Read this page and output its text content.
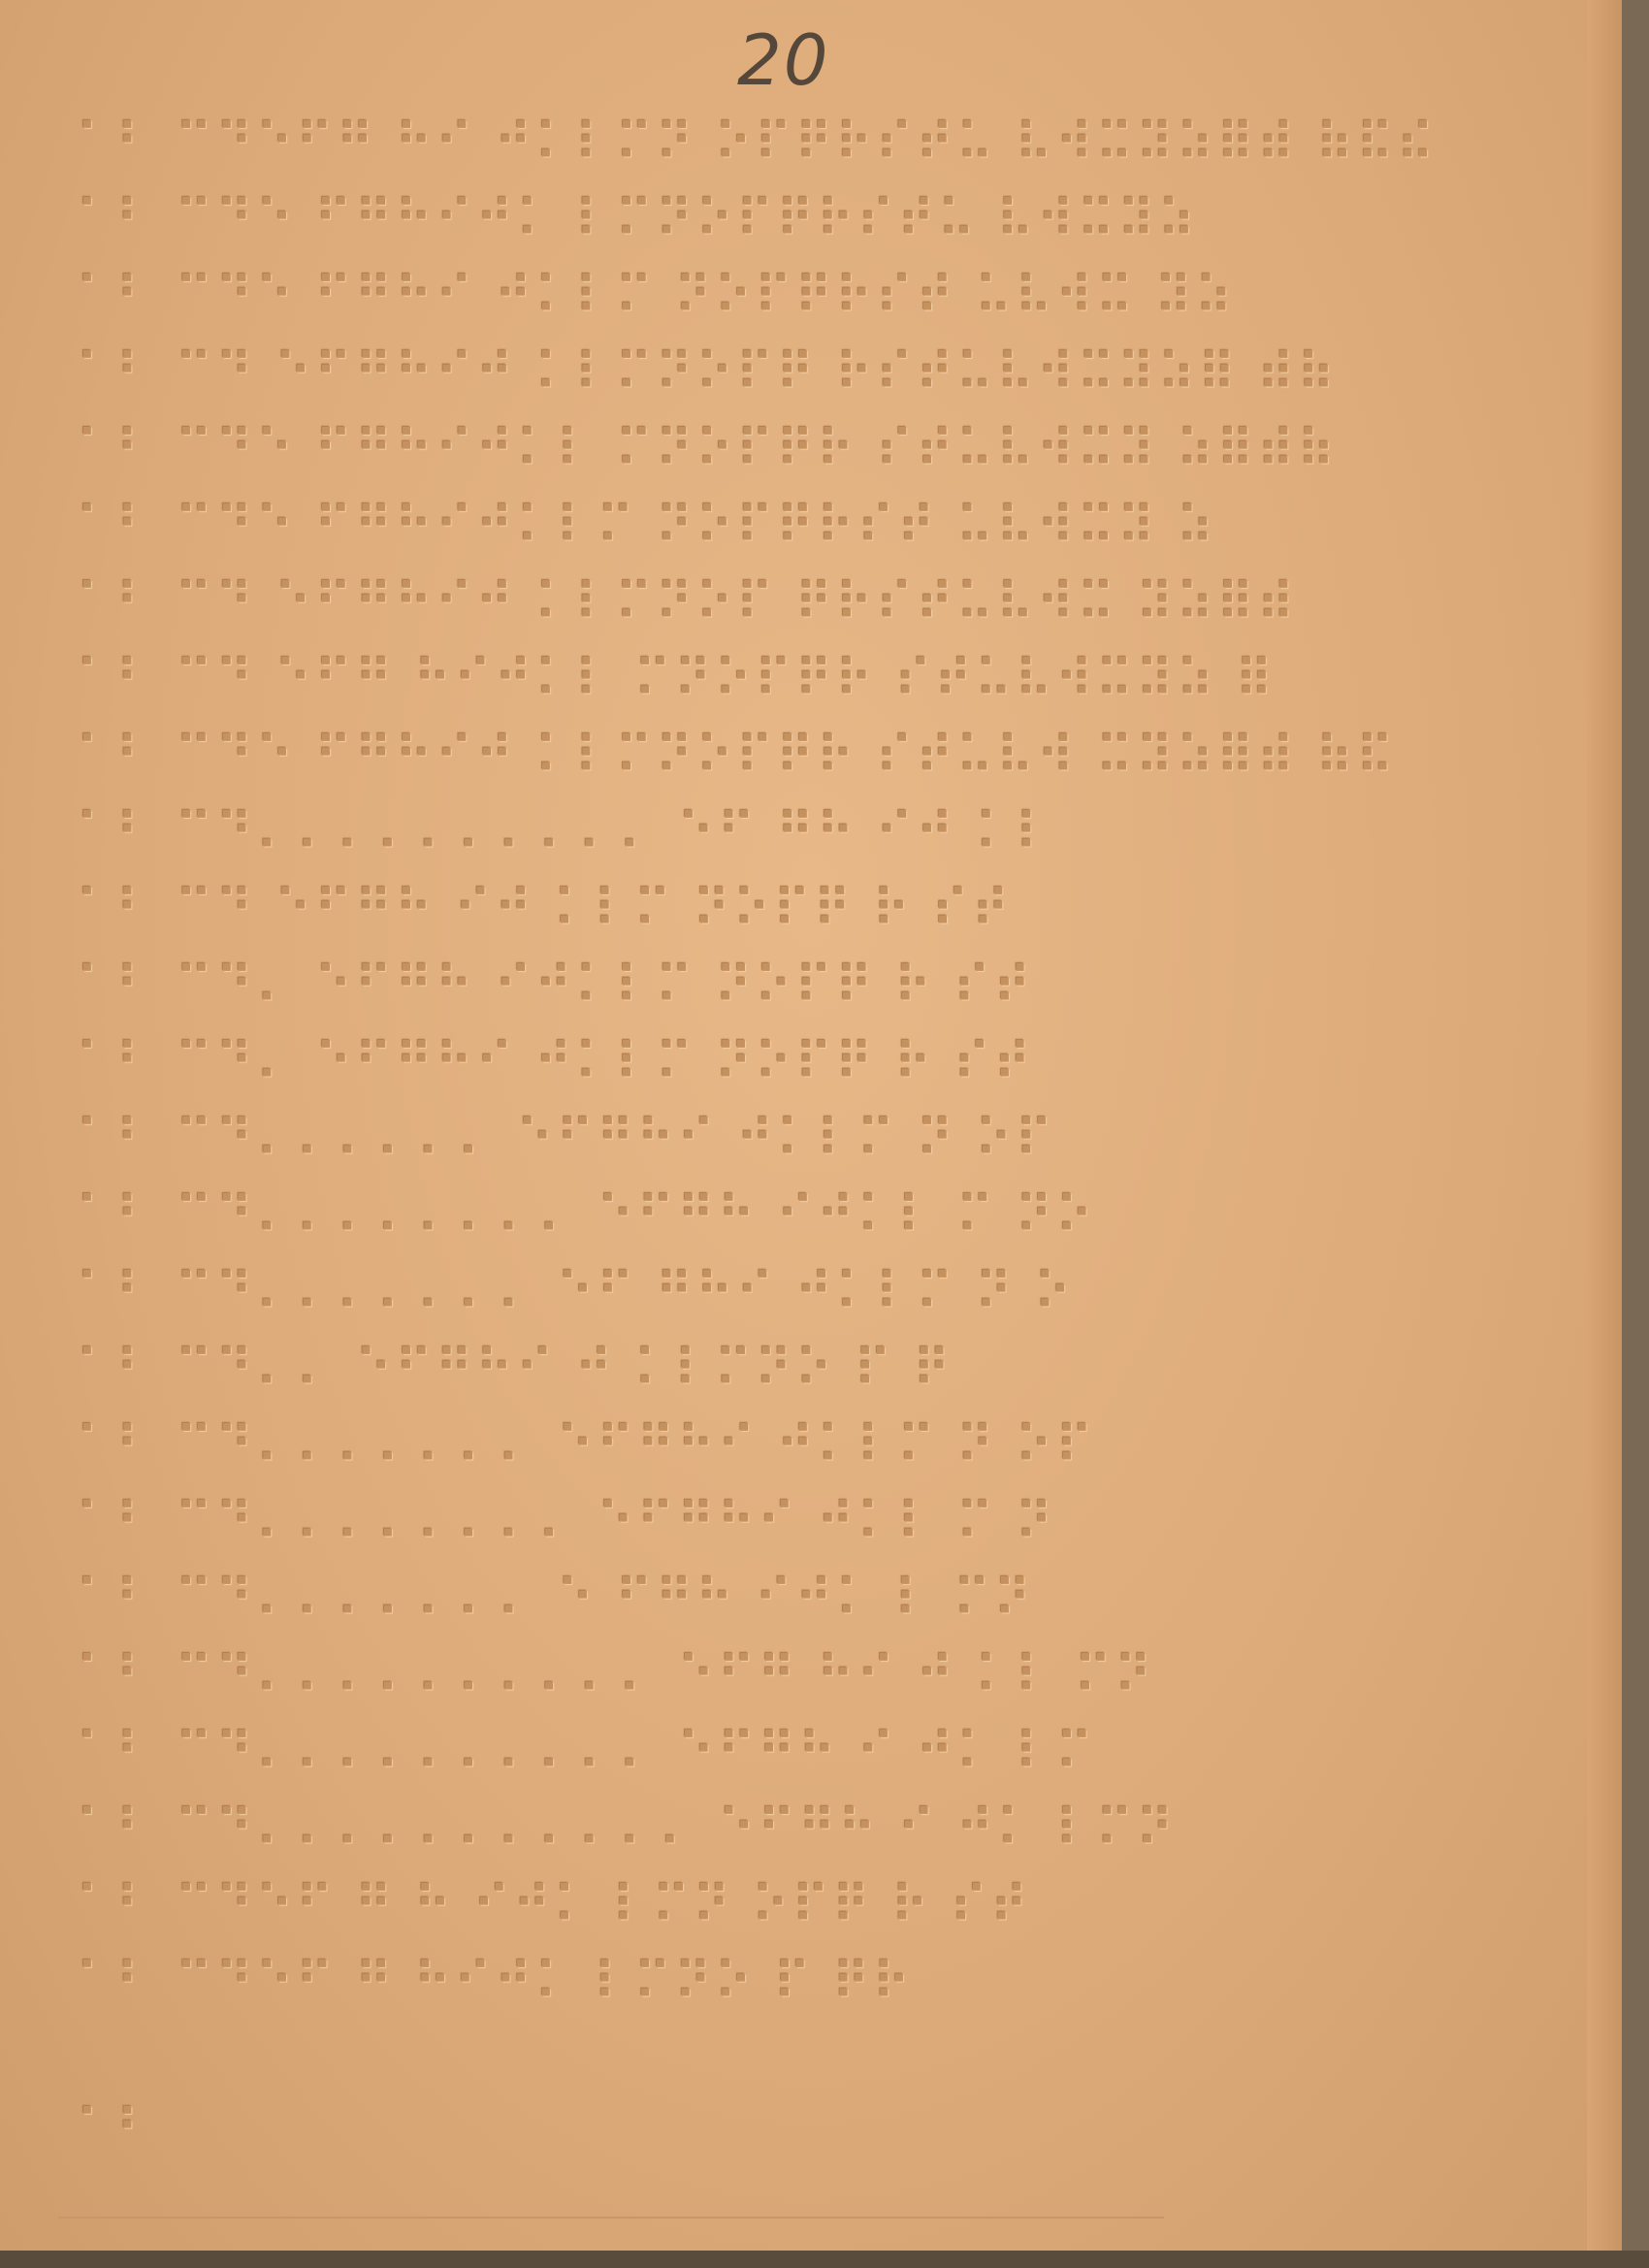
20
⠁⠃ ⠉⠙⠑⠋⠛ ⠓⠊ ⠚⠅⠇⠍⠝ ⠕⠏⠟⠗⠎⠞⠥ ⠧⠺⠭⠽⠵⠿⠾ ⠷⠯⠮
⠁⠃ ⠉⠙⠑ ⠋⠛⠓⠊⠚⠅ ⠇⠍⠝⠕⠏⠟⠗⠎⠞⠥ ⠧⠺⠭⠽⠵
⠁⠃ ⠉⠙⠑ ⠋⠛⠓⠊ ⠚⠅⠇⠍ ⠝⠕⠏⠟⠗⠎⠞ ⠥⠧⠺⠭ ⠽⠵
⠁⠃ ⠉⠙ ⠑⠋⠛⠓⠊⠚ ⠅⠇⠍⠝⠕⠏⠟ ⠗⠎⠞⠥⠧⠺⠭⠽⠵⠿ ⠾⠷
⠁⠃ ⠉⠙⠑ ⠋⠛⠓⠊⠚⠅⠇ ⠍⠝⠕⠏⠟⠗ ⠎⠞⠥⠧⠺⠭⠽ ⠵⠿⠾⠷
⠁⠃ ⠉⠙⠑ ⠋⠛⠓⠊⠚⠅⠇⠍ ⠝⠕⠏⠟⠗⠎⠞ ⠥⠧⠺⠭⠽ ⠵
⠁⠃ ⠉⠙ ⠑⠋⠛⠓⠊⠚ ⠅⠇⠍⠝⠕⠏ ⠟⠗⠎⠞⠥⠧⠺⠭ ⠽⠵⠿⠾
⠁⠃ ⠉⠙ ⠑⠋⠛ ⠓⠊⠚⠅⠇ ⠍⠝⠕⠏⠟⠗ ⠎⠞⠥⠧⠺⠭⠽⠵ ⠿
⠁⠃ ⠉⠙⠑ ⠋⠛⠓⠊⠚ ⠅⠇⠍⠝⠕⠏⠟⠗ ⠎⠞⠥⠧⠺ ⠭⠽⠵⠿⠾ ⠷⠯
⠁⠃ ⠉⠙⠄⠄⠄⠄⠄⠄⠄⠄⠄⠄ ⠑⠋ ⠛⠓ ⠊⠚ ⠅⠇
⠁⠃ ⠉⠙ ⠑⠋⠛⠓ ⠊⠚ ⠅⠇⠍ ⠝⠕⠏⠟ ⠗ ⠎⠞
⠁⠃ ⠉⠙⠄ ⠑⠋⠛⠓ ⠊⠚⠅⠇⠍ ⠝⠕⠏⠟ ⠗ ⠎⠞
⠁⠃ ⠉⠙⠄ ⠑⠋⠛⠓⠊ ⠚⠅⠇⠍ ⠝⠕⠏⠟ ⠗ ⠎⠞
⠁⠃ ⠉⠙⠄⠄⠄⠄⠄⠄ ⠑⠋⠛⠓⠊ ⠚⠅⠇⠍ ⠝ ⠕⠏
⠁⠃ ⠉⠙⠄⠄⠄⠄⠄⠄⠄⠄ ⠑⠋⠛⠓ ⠊⠚⠅⠇ ⠍ ⠝⠕
⠁⠃ ⠉⠙⠄⠄⠄⠄⠄⠄⠄ ⠑⠋ ⠛⠓⠊ ⠚⠅⠇⠍ ⠝ ⠕
⠁⠃ ⠉⠙⠄⠄ ⠑⠋⠛⠓⠊ ⠚ ⠅⠇⠍⠝⠕ ⠏ ⠟
⠁⠃ ⠉⠙⠄⠄⠄⠄⠄⠄⠄ ⠑⠋⠛⠓⠊ ⠚⠅⠇⠍ ⠝ ⠕⠏
⠁⠃ ⠉⠙⠄⠄⠄⠄⠄⠄⠄⠄ ⠑⠋⠛⠓⠊ ⠚⠅⠇ ⠍ ⠝
⠁⠃ ⠉⠙⠄⠄⠄⠄⠄⠄⠄ ⠑ ⠋⠛⠓ ⠊⠚⠅ ⠇ ⠍⠝
⠁⠃ ⠉⠙⠄⠄⠄⠄⠄⠄⠄⠄⠄⠄ ⠑⠋⠛ ⠓⠊ ⠚ ⠅⠇ ⠍⠝
⠁⠃ ⠉⠙⠄⠄⠄⠄⠄⠄⠄⠄⠄⠄ ⠑⠋⠛⠓ ⠊ ⠚⠅ ⠇⠍
⠁⠃ ⠉⠙⠄⠄⠄⠄⠄⠄⠄⠄⠄⠄⠄ ⠑⠋⠛⠓ ⠊ ⠚⠅ ⠇⠍⠝
⠁⠃ ⠉⠙⠑⠋ ⠛ ⠓ ⠊⠚⠅ ⠇⠍⠝ ⠕⠏⠟ ⠗ ⠎⠞
⠁⠃ ⠉⠙⠑⠋ ⠛ ⠓⠊⠚⠅ ⠇⠍⠝⠕ ⠏ ⠟⠗
⠁⠃
